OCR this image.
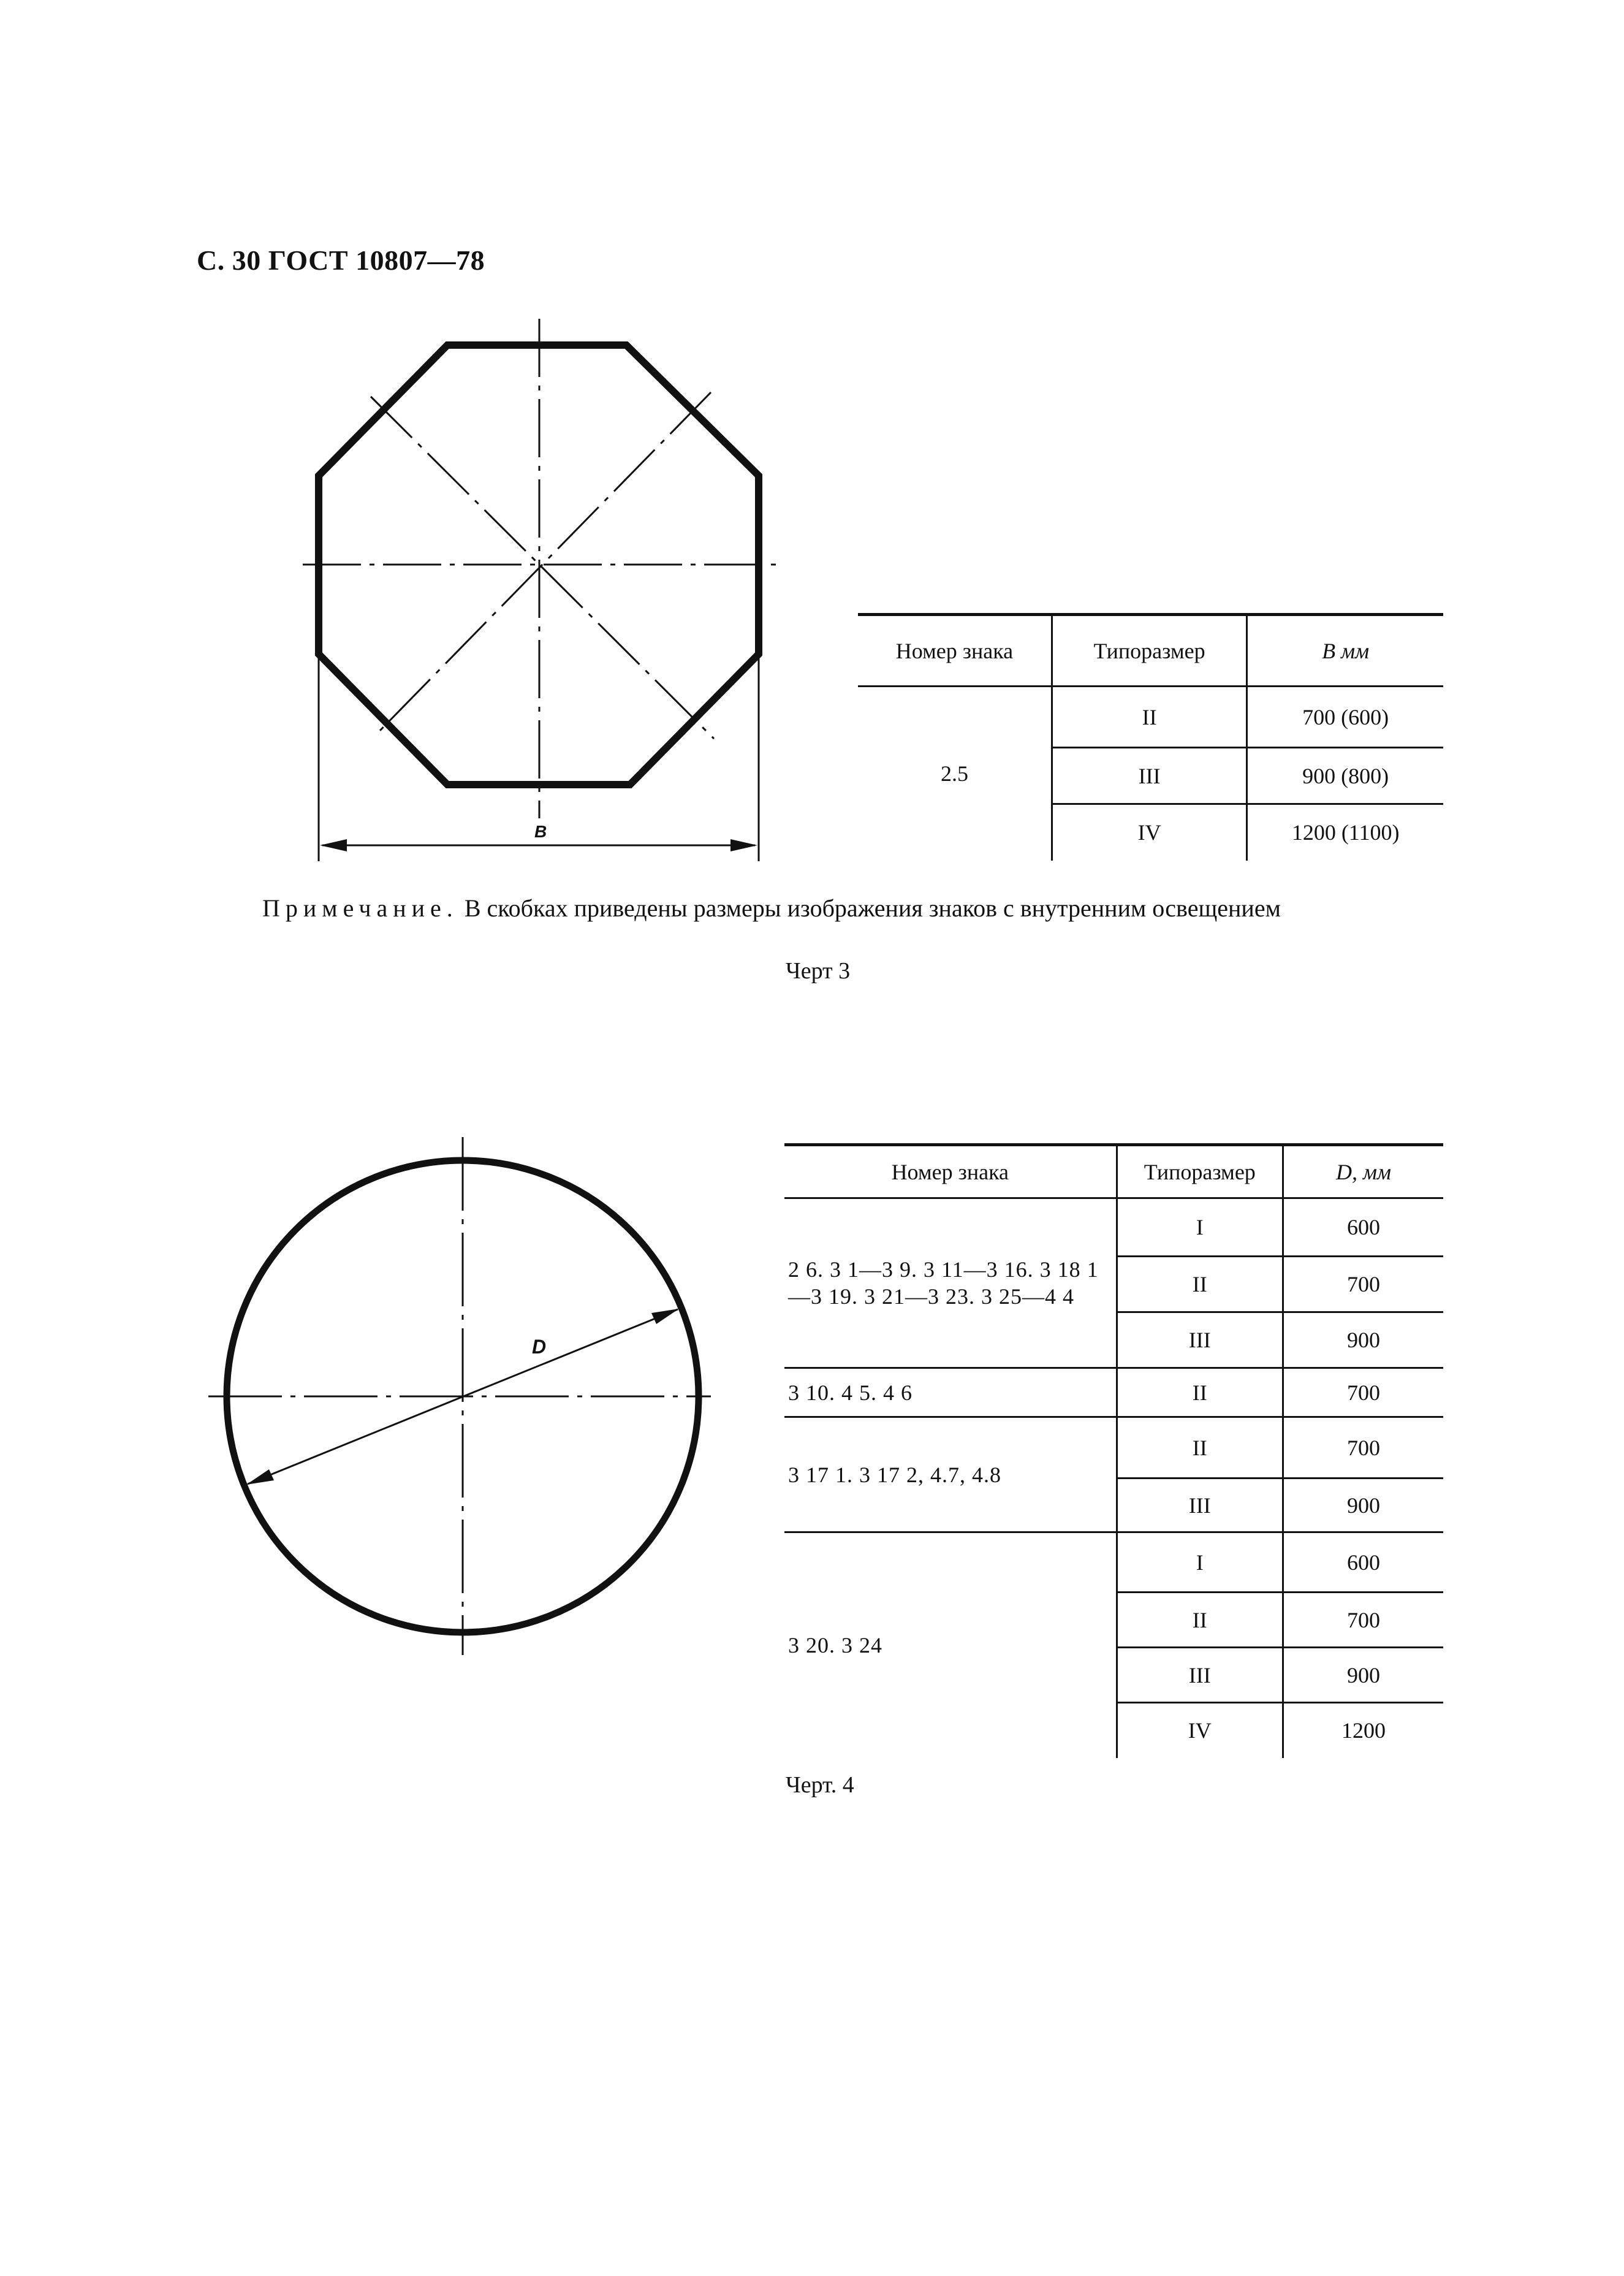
С. 30 ГОСТ 10807—78
B
Номер знака	Типоразмер	B мм
2.5	II	700 (600)
	III	900 (800)
	IV	1200 (1100)
Примечание. В скобках приведены размеры изображения знаков с внутренним освещением
Черт 3
D
Номер знака	Типоразмер	D, мм
2 6. 3 1—3 9. 3 11—3 16. 3 18 1—3 19. 3 21—3 23. 3 25—4 4	I	600
	II	700
	III	900
3 10. 4 5. 4 6	II	700
3 17 1. 3 17 2, 4.7, 4.8	II	700
	III	900
3 20. 3 24	I	600
	II	700
	III	900
	IV	1200
Черт. 4
